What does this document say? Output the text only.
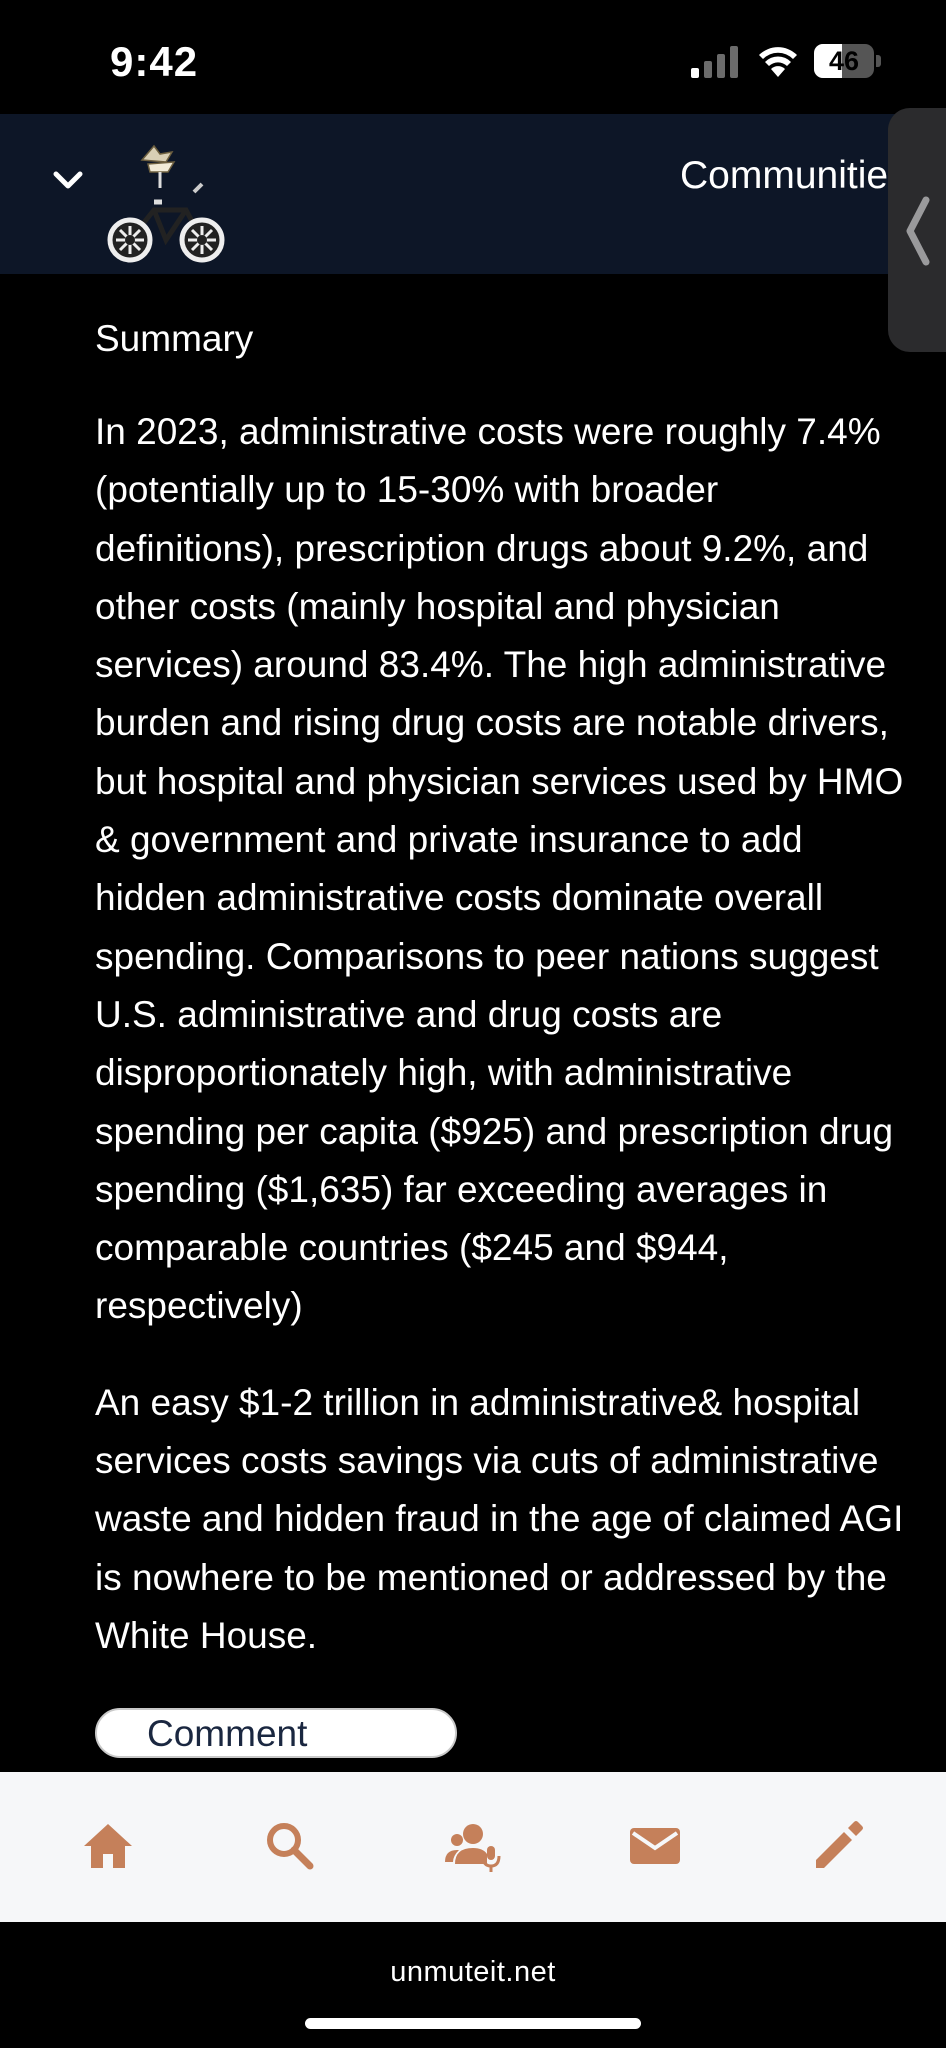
9:42	46
Communitie
Summary

In 2023, administrative costs were roughly 7.4% (potentially up to 15-30% with broader definitions), prescription drugs about 9.2%, and other costs (mainly hospital and physician services) around 83.4%. The high administrative burden and rising drug costs are notable drivers, but hospital and physician services used by HMO & government and private insurance to add hidden administrative costs dominate overall spending. Comparisons to peer nations suggest U.S. administrative and drug costs are disproportionately high, with administrative spending per capita ($925) and prescription drug spending ($1,635) far exceeding averages in comparable countries ($245 and $944, respectively)

An easy $1-2 trillion in administrative& hospital services costs savings via cuts of administrative waste and hidden fraud in the age of claimed AGI is nowhere to be mentioned or addressed by the White House.

Comment
unmuteit.net
